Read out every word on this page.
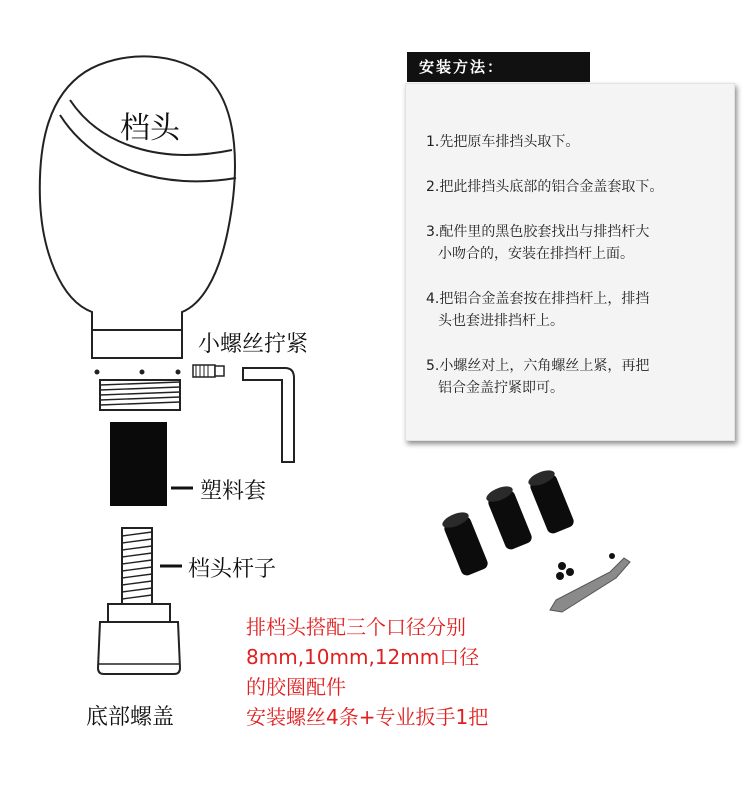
档头
小螺丝拧紧
塑料套
档头杆子
底部螺盖
安装方法：
1.先把原车排挡头取下。
2.把此排挡头底部的铝合金盖套取下。
3.配件里的黑色胶套找出与排挡杆大
小吻合的，安装在排挡杆上面。
4.把铝合金盖套按在排挡杆上，排挡
头也套进排挡杆上。
5.小螺丝对上，六角螺丝上紧，再把
铝合金盖拧紧即可。
排档头搭配三个口径分别
8mm,10mm,12mm口径
的胶圈配件
安装螺丝4条+专业扳手1把
